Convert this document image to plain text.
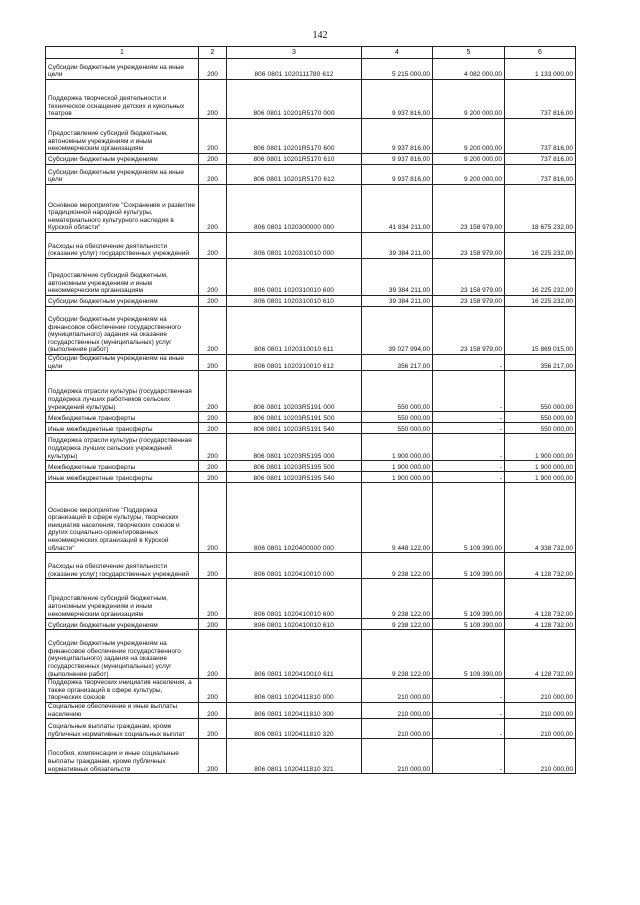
142
1	2	3	4	5	6
Субсидии бюджетным учреждениям на иные цели	200	806 0801 1020111780 612	5 215 000,00	4 082 000,00	1 133 000,00
Поддержка творческой деятельности и техническое оснащение детских и кукольных театров	200	806 0801 10201R5170 000	9 937 816,00	9 200 000,00	737 816,00
Предоставление субсидий бюджетным, автономным учреждениям и иным некоммерческим организациям	200	806 0801 10201R5170 600	9 937 816,00	9 200 000,00	737 816,00
Субсидии бюджетным учреждениям	200	806 0801 10201R5170 610	9 937 816,00	9 200 000,00	737 816,00
Субсидии бюджетным учреждениям на иные цели	200	806 0801 10201R5170 612	9 937 816,00	9 200 000,00	737 816,00
Основное мероприятие "Сохранение и развитие традиционной народной культуры, нематериального культурного наследия в Курской области"	200	806 0801 1020300000 000	41 834 211,00	23 158 979,00	18 675 232,00
Расходы на обеспечение деятельности (оказание услуг) государственных учреждений	200	806 0801 1020310010 000	39 384 211,00	23 158 979,00	16 225 232,00
Предоставление субсидий бюджетным, автономным учреждениям и иным некоммерческим организациям	200	806 0801 1020310010 600	39 384 211,00	23 158 979,00	16 225 232,00
Субсидии бюджетным учреждениям	200	806 0801 1020310010 610	39 384 211,00	23 158 979,00	16 225 232,00
Субсидии бюджетным учреждениям на финансовое обеспечение государственного (муниципального) задания на оказание государственных (муниципальных) услуг (выполнение работ)	200	806 0801 1020310010 611	39 027 994,00	23 158 979,00	15 869 015,00
Субсидии бюджетным учреждениям на иные цели	200	806 0801 1020310010 612	356 217,00	-	356 217,00
Поддержка отрасли культуры (государственная поддержка лучших работников сельских учреждений культуры)	200	806 0801 10203R5191 000	550 000,00	-	550 000,00
Межбюджетные трансферты	200	806 0801 10203R5191 500	550 000,00	-	550 000,00
Иные межбюджетные трансферты	200	806 0801 10203R5191 540	550 000,00	-	550 000,00
Поддержка отрасли культуры (государственная поддержка лучших сельских учреждений культуры)	200	806 0801 10203R5195 000	1 900 000,00	-	1 900 000,00
Межбюджетные трансферты	200	806 0801 10203R5195 500	1 900 000,00	-	1 900 000,00
Иные межбюджетные трансферты	200	806 0801 10203R5195 540	1 900 000,00	-	1 900 000,00
Основное мероприятие "Поддержка организаций в сфере культуры, творческих инициатив населения, творческих союзов и других социально-ориентированных некоммерческих организаций в Курской области"	200	806 0801 1020400000 000	9 448 122,00	5 109 390,00	4 338 732,00
Расходы на обеспечение деятельности (оказание услуг) государственных учреждений	200	806 0801 1020410010 000	9 238 122,00	5 109 390,00	4 128 732,00
Предоставление субсидий бюджетным, автономным учреждениям и иным некоммерческим организациям	200	806 0801 1020410010 600	9 238 122,00	5 109 390,00	4 128 732,00
Субсидии бюджетным учреждениям	200	806 0801 1020410010 610	9 238 122,00	5 109 390,00	4 128 732,00
Субсидии бюджетным учреждениям на финансовое обеспечение государственного (муниципального) задания на оказание государственных (муниципальных) услуг (выполнение работ)	200	806 0801 1020410010 611	9 238 122,00	5 109 390,00	4 128 732,00
Поддержка творческих инициатив населения, а также организаций в сфере культуры, творческих союзов	200	806 0801 1020411810 000	210 000,00	-	210 000,00
Социальное обеспечение и иные выплаты населению	200	806 0801 1020411810 300	210 000,00	-	210 000,00
Социальные выплаты гражданам, кроме публичных нормативных социальных выплат	200	806 0801 1020411810 320	210 000,00	-	210 000,00
Пособия, компенсации и иные социальные выплаты гражданам, кроме публичных нормативных обязательств	200	806 0801 1020411810 321	210 000,00	-	210 000,00
